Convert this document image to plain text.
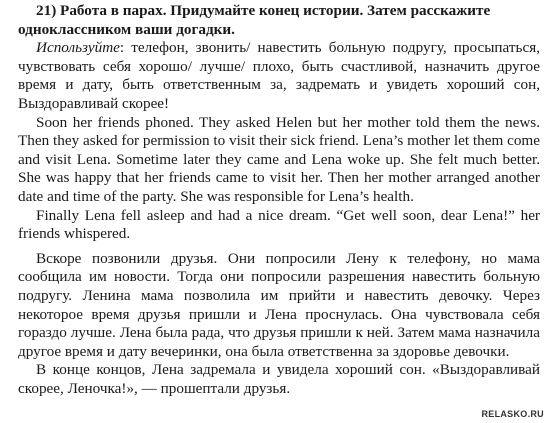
21) Работа в парах. Придумайте конец истории. Затем расскажите одноклассником ваши догадки.

Используйте: телефон, звонить/ навестить больную подругу, просыпаться, чувствовать себя хорошо/ лучше/ плохо, быть счастливой, назначить другое время и дату, быть ответственным за, задремать и увидеть хороший сон, Выздоравливай скорее!

Soon her friends phoned. They asked Helen but her mother told them the news. Then they asked for permission to visit their sick friend. Lena’s mother let them come and visit Lena. Sometime later they came and Lena woke up. She felt much better. She was happy that her friends came to visit her. Then her mother arranged another date and time of the party. She was responsible for Lena’s health.

Finally Lena fell asleep and had a nice dream. “Get well soon, dear Lena!” her friends whispered.

Вскоре позвонили друзья. Они попросили Лену к телефону, но мама сообщила им новости. Тогда они попросили разрешения навестить больную подругу. Ленина мама позволила им прийти и навестить девочку. Через некоторое время друзья пришли и Лена проснулась. Она чувствовала себя гораздо лучше. Лена была рада, что друзья пришли к ней. Затем мама назначила другое время и дату вечеринки, она была ответственна за здоровье девочки.

В конце концов, Лена задремала и увидела хороший сон. «Выздоравливай скорее, Леночка!», — прошептали друзья.

RELASKO.RU
